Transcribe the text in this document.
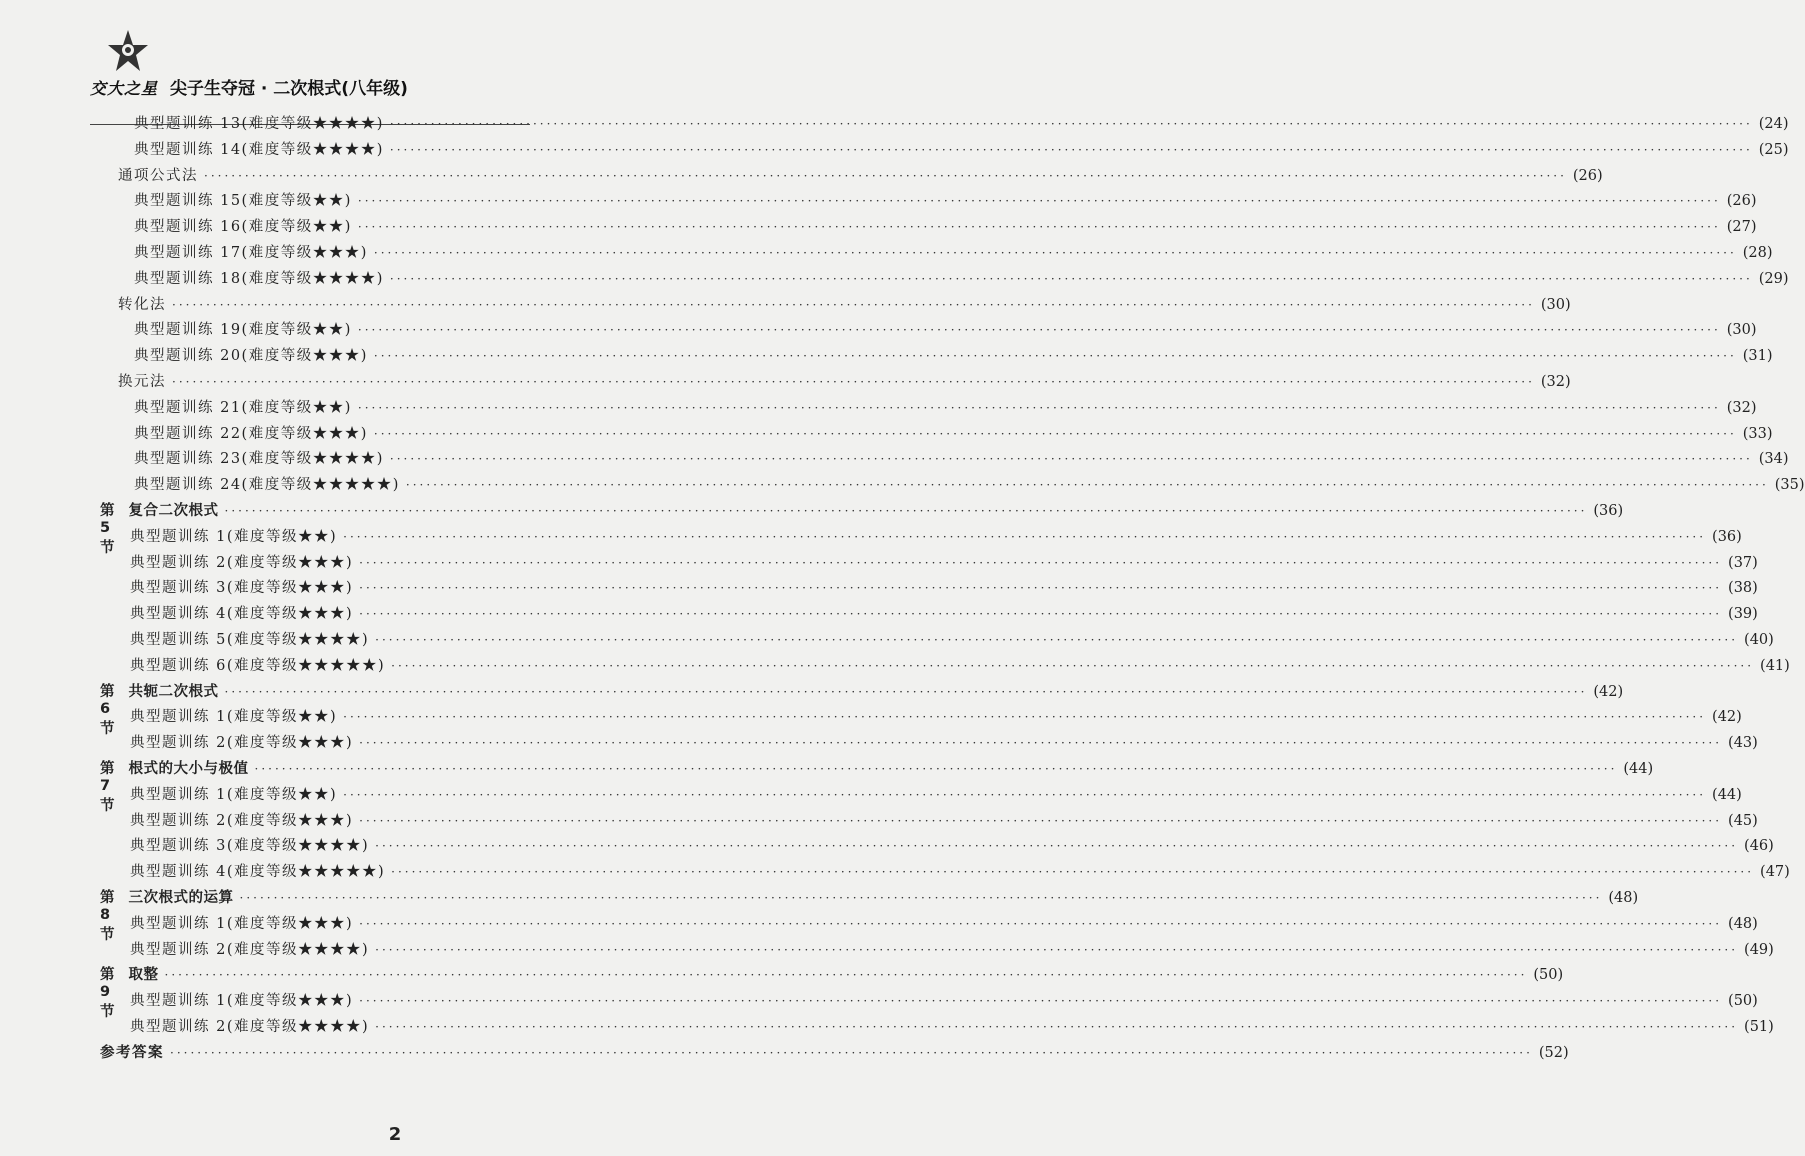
交大之星 尖子生夺冠 · 二次根式(八年级)
典型题训练 13(难度等级★★★★) ········································································································································································································ (24)
典型题训练 14(难度等级★★★★) ········································································································································································································ (25)
通项公式法 ········································································································································································································ (26)
典型题训练 15(难度等级★★) ········································································································································································································ (26)
典型题训练 16(难度等级★★) ········································································································································································································ (27)
典型题训练 17(难度等级★★★) ········································································································································································································ (28)
典型题训练 18(难度等级★★★★) ········································································································································································································ (29)
转化法 ········································································································································································································ (30)
典型题训练 19(难度等级★★) ········································································································································································································ (30)
典型题训练 20(难度等级★★★) ········································································································································································································ (31)
换元法 ········································································································································································································ (32)
典型题训练 21(难度等级★★) ········································································································································································································ (32)
典型题训练 22(难度等级★★★) ········································································································································································································ (33)
典型题训练 23(难度等级★★★★) ········································································································································································································ (34)
典型题训练 24(难度等级★★★★★) ········································································································································································································ (35)
第 5 节
复合二次根式 ········································································································································································································ (36)
典型题训练 1(难度等级★★) ········································································································································································································ (36)
典型题训练 2(难度等级★★★) ········································································································································································································ (37)
典型题训练 3(难度等级★★★) ········································································································································································································ (38)
典型题训练 4(难度等级★★★) ········································································································································································································ (39)
典型题训练 5(难度等级★★★★) ········································································································································································································ (40)
典型题训练 6(难度等级★★★★★) ········································································································································································································ (41)
第 6 节
共轭二次根式 ········································································································································································································ (42)
典型题训练 1(难度等级★★) ········································································································································································································ (42)
典型题训练 2(难度等级★★★) ········································································································································································································ (43)
第 7 节
根式的大小与极值 ········································································································································································································ (44)
典型题训练 1(难度等级★★) ········································································································································································································ (44)
典型题训练 2(难度等级★★★) ········································································································································································································ (45)
典型题训练 3(难度等级★★★★) ········································································································································································································ (46)
典型题训练 4(难度等级★★★★★) ········································································································································································································ (47)
第 8 节
三次根式的运算 ········································································································································································································ (48)
典型题训练 1(难度等级★★★) ········································································································································································································ (48)
典型题训练 2(难度等级★★★★) ········································································································································································································ (49)
第 9 节
取整 ········································································································································································································ (50)
典型题训练 1(难度等级★★★) ········································································································································································································ (50)
典型题训练 2(难度等级★★★★) ········································································································································································································ (51)
参考答案 ········································································································································································································ (52)
2
